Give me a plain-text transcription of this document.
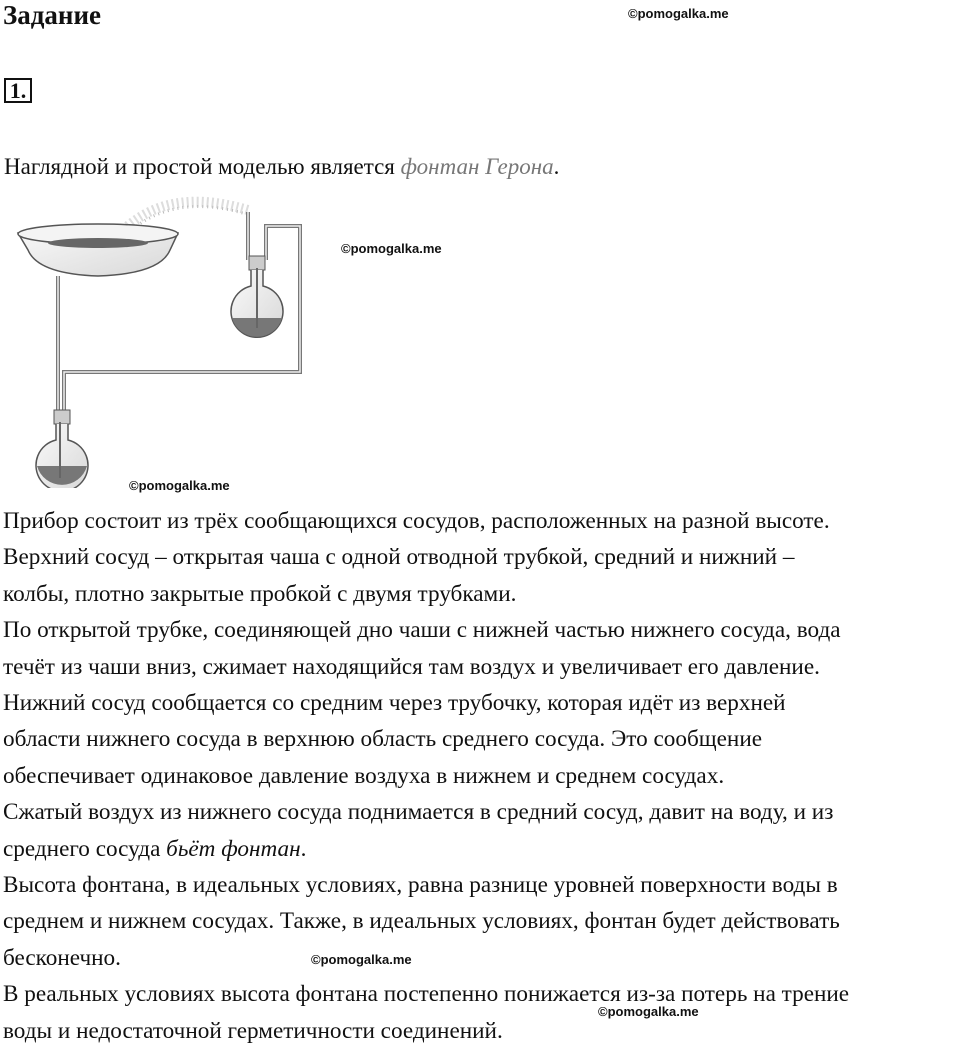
Задание	©pomogalka.me
1.
Наглядной и простой моделью является фонтан Герона.
©pomogalka.me
©pomogalka.me

Прибор состоит из трёх сообщающихся сосудов, расположенных на разной высоте.

Верхний сосуд – открытая чаша с одной отводной трубкой, средний и нижний –

колбы, плотно закрытые пробкой с двумя трубками.

По открытой трубке, соединяющей дно чаши с нижней частью нижнего сосуда, вода

течёт из чаши вниз, сжимает находящийся там воздух и увеличивает его давление.

Нижний сосуд сообщается со средним через трубочку, которая идёт из верхней

области нижнего сосуда в верхнюю область среднего сосуда. Это сообщение

обеспечивает одинаковое давление воздуха в нижнем и среднем сосудах.

Сжатый воздух из нижнего сосуда поднимается в средний сосуд, давит на воду, и из

среднего сосуда бьёт фонтан.

Высота фонтана, в идеальных условиях, равна разнице уровней поверхности воды в

среднем и нижнем сосудах. Также, в идеальных условиях, фонтан будет действовать

бесконечно.

В реальных условиях высота фонтана постепенно понижается из-за потерь на трение

воды и недостаточной герметичности соединений.

©pomogalka.me
©pomogalka.me
